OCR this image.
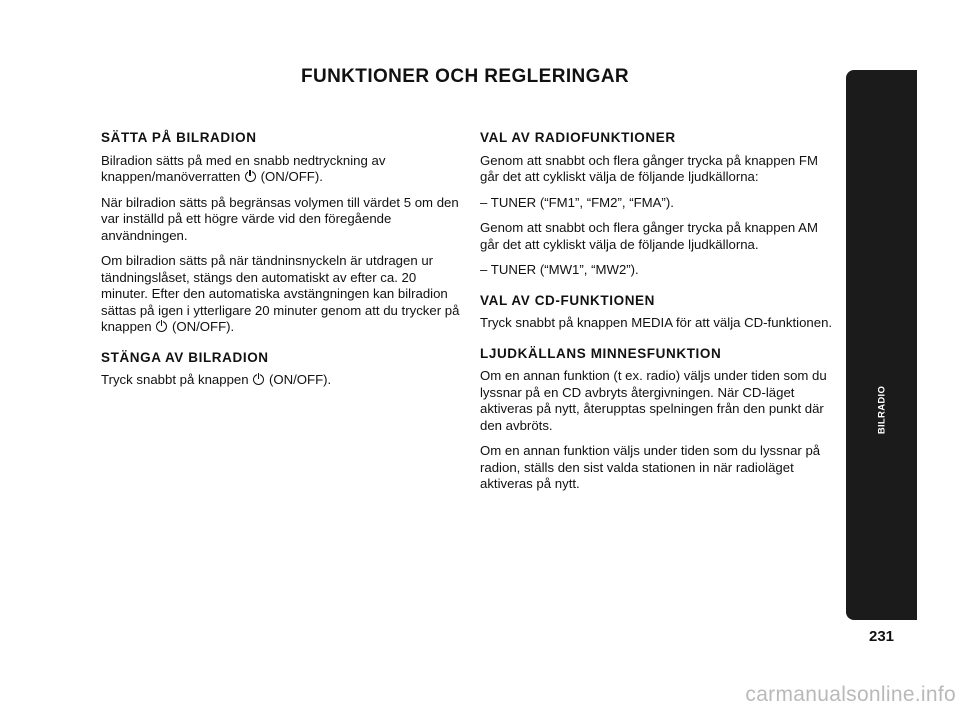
FUNKTIONER OCH REGLERINGAR
SÄTTA PÅ BILRADION
Bilradion sätts på med en snabb nedtryckning av knappen/manöverratten (ON/OFF).
När bilradion sätts på begränsas volymen till värdet 5 om den var inställd på ett högre värde vid den föregående användningen.
Om bilradion sätts på när tändninsnyckeln är utdragen ur tändningslåset, stängs den automatiskt av efter ca. 20 minuter. Efter den automatiska avstängningen kan bilradion sättas på igen i ytterligare 20 minuter genom att du trycker på knappen (ON/OFF).
STÄNGA AV BILRADION
Tryck snabbt på knappen (ON/OFF).
VAL AV RADIOFUNKTIONER
Genom att snabbt och flera gånger trycka på knappen FM går det att cykliskt välja de följande ljudkällorna:
– TUNER (“FM1”, “FM2”, “FMA”).
Genom att snabbt och flera gånger trycka på knappen AM går det att cykliskt välja de följande ljudkällorna.
– TUNER (“MW1”, “MW2”).
VAL AV CD-FUNKTIONEN
Tryck snabbt på knappen MEDIA för att välja CD-funktionen.
LJUDKÄLLANS MINNESFUNKTION
Om en annan funktion (t ex. radio) väljs under tiden som du lyssnar på en CD avbryts återgivningen. När CD-läget aktiveras på nytt, återupptas spelningen från den punkt där den avbröts.
Om en annan funktion väljs under tiden som du lyssnar på radion, ställs den sist valda stationen in när radioläget aktiveras på nytt.
BILRADIO
231
carmanualsonline.info
